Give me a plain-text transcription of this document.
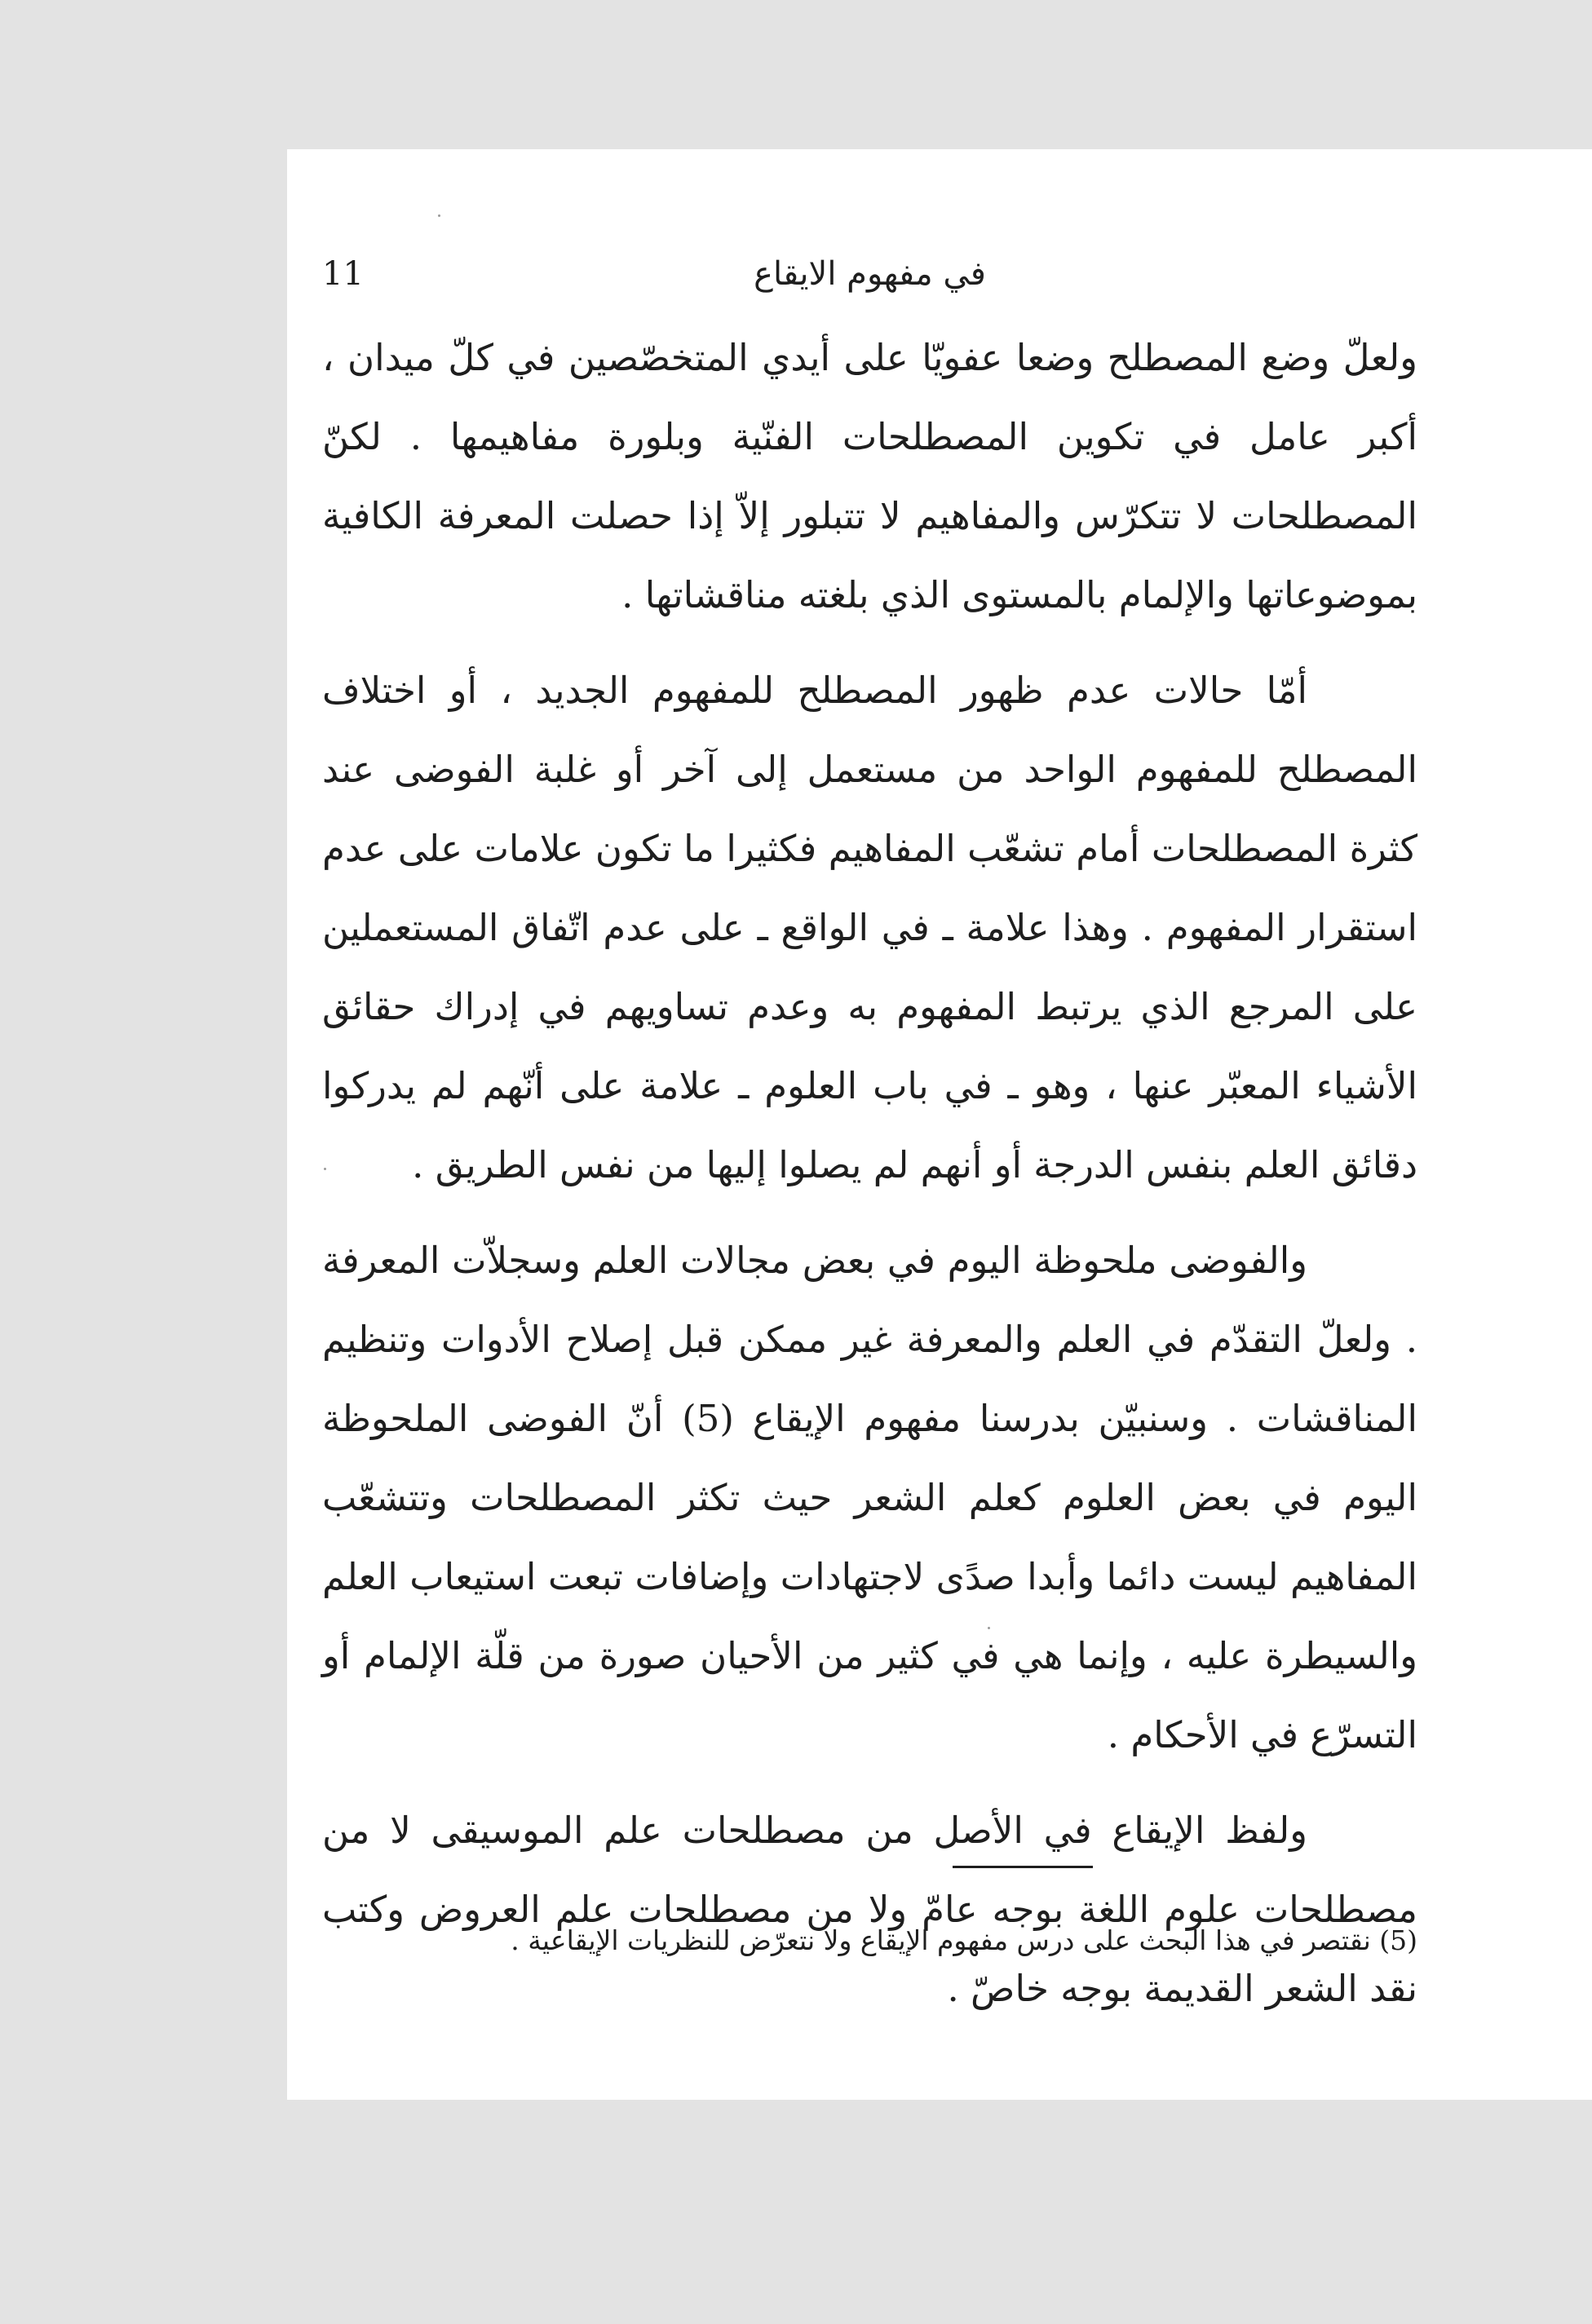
في مفهوم الايقاع
11

ولعلّ وضع المصطلح وضعا عفويّا على أيدي المتخصّصين في كلّ ميدان ، أكبر عامل في تكوين المصطلحات الفنّية وبلورة مفاهيمها . لكنّ المصطلحات لا تتكرّس والمفاهيم لا تتبلور إلاّ إذا حصلت المعرفة الكافية بموضوعاتها والإلمام بالمستوى الذي بلغته مناقشاتها .

أمّا حالات عدم ظهور المصطلح للمفهوم الجديد ، أو اختلاف المصطلح للمفهوم الواحد من مستعمل إلى آخر أو غلبة الفوضى عند كثرة المصطلحات أمام تشعّب المفاهيم فكثيرا ما تكون علامات على عدم استقرار المفهوم . وهذا علامة ـ في الواقع ـ على عدم اتّفاق المستعملين على المرجع الذي يرتبط المفهوم به وعدم تساويهم في إدراك حقائق الأشياء المعبّر عنها ، وهو ـ في باب العلوم ـ علامة على أنّهم لم يدركوا دقائق العلم بنفس الدرجة أو أنهم لم يصلوا إليها من نفس الطريق .

والفوضى ملحوظة اليوم في بعض مجالات العلم وسجلاّت المعرفة . ولعلّ التقدّم في العلم والمعرفة غير ممكن قبل إصلاح الأدوات وتنظيم المناقشات . وسنبيّن بدرسنا مفهوم الإيقاع (5) أنّ الفوضى الملحوظة اليوم في بعض العلوم كعلم الشعر حيث تكثر المصطلحات وتتشعّب المفاهيم ليست دائما وأبدا صدًى لاجتهادات وإضافات تبعت استيعاب العلم والسيطرة عليه ، وإنما هي في كثير من الأحيان صورة من قلّة الإلمام أو التسرّع في الأحكام .

ولفظ الإيقاع في الأصل من مصطلحات علم الموسيقى لا من مصطلحات علوم اللغة بوجه عامّ ولا من مصطلحات علم العروض وكتب نقد الشعر القديمة بوجه خاصّ .

(5) نقتصر في هذا البحث على درس مفهوم الإيقاع ولا نتعرّض للنظريات الإيقاعية .
